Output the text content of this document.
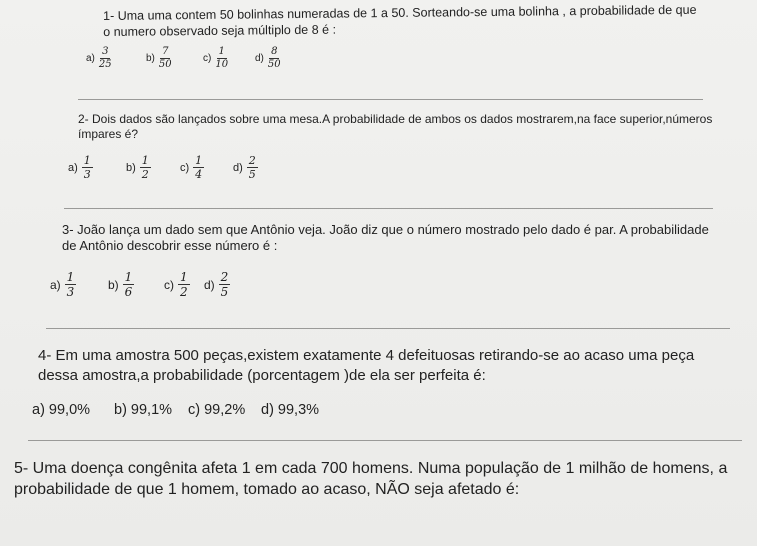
1- Uma uma contem 50 bolinhas numeradas de 1 a 50. Sorteando-se uma bolinha , a probabilidade de que o numero observado seja múltiplo de 8 é :
$a) \frac{3}{25}$	$b) \frac{7}{50}$	$c) \frac{1}{10}$	$d) \frac{8}{50}$
2- Dois dados são lançados sobre uma mesa.A probabilidade de ambos os dados mostrarem,na face superior,números ímpares é?
$a) \frac{1}{3}$	$b) \frac{1}{2}$	$c) \frac{1}{4}$	$d) \frac{2}{5}$
3- João lança um dado sem que Antônio veja. João diz que o número mostrado pelo dado é par. A probabilidade de Antônio descobrir esse número é :
$a) \frac{1}{3}$	$b) \frac{1}{6} c) \frac{1}{2} d) \frac{2}{5}$
4- Em uma amostra 500 peças,existem exatamente 4 defeituosas retirando-se ao acaso uma peça dessa amostra,a probabilidade (porcentagem )de ela ser perfeita é:
a) 99,0% b) 99,1% c) 99,2% d) 99,3%
5- Uma doença congênita afeta 1 em cada 700 homens. Numa população de 1 milhão de homens, a probabilidade de que 1 homem, tomado ao acaso, NÃO seja afetado é:
